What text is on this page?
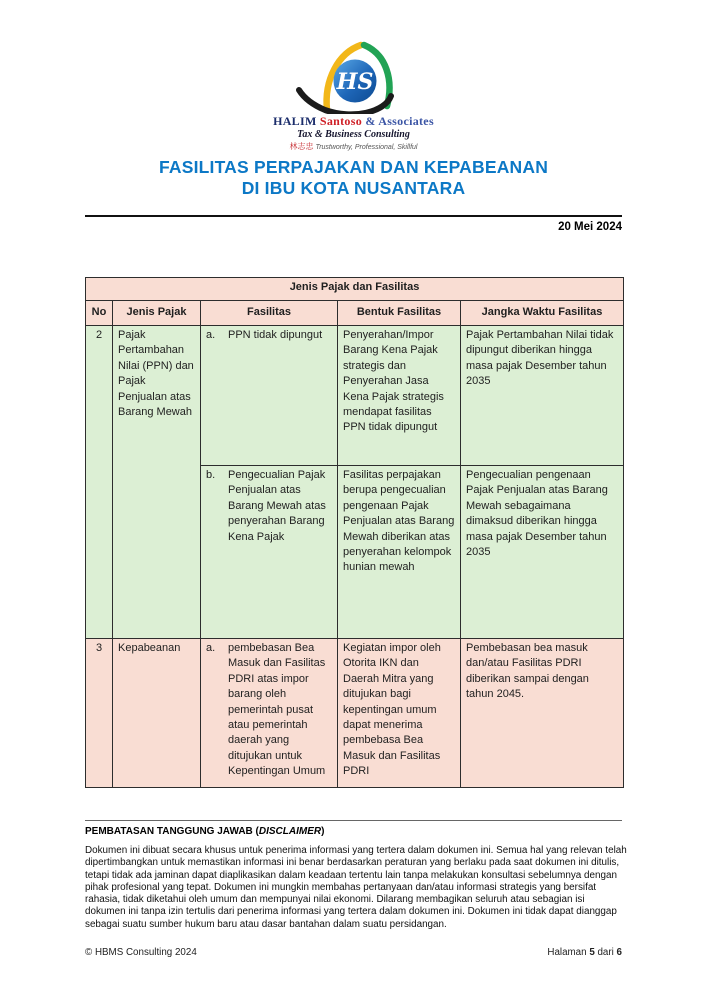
HS
HALIM Santoso & Associates
Tax & Business Consulting
林志忠 Trustworthy, Professional, Skillful
FASILITAS PERPAJAKAN DAN KEPABEANAN
DI IBU KOTA NUSANTARA
20 Mei 2024
Jenis Pajak dan Fasilitas				
No	Jenis Pajak	Fasilitas	Bentuk Fasilitas	Jangka Waktu Fasilitas
2	Pajak Pertambahan Nilai (PPN) dan Pajak Penjualan atas Barang Mewah	a. PPN tidak dipungut	Penyerahan/Impor Barang Kena Pajak strategis dan Penyerahan Jasa Kena Pajak strategis mendapat fasilitas PPN tidak dipungut	Pajak Pertambahan Nilai tidak dipungut diberikan hingga masa pajak Desember tahun 2035

		b. Pengecualian Pajak Penjualan atas Barang Mewah atas penyerahan Barang Kena Pajak	Fasilitas perpajakan berupa pengecualian pengenaan Pajak Penjualan atas Barang Mewah diberikan atas penyerahan kelompok hunian mewah	Pengecualian pengenaan Pajak Penjualan atas Barang Mewah sebagaimana dimaksud diberikan hingga masa pajak Desember tahun 2035
3	Kepabeanan	a. pembebasan Bea Masuk dan Fasilitas PDRI atas impor barang oleh pemerintah pusat atau pemerintah daerah yang ditujukan untuk Kepentingan Umum	Kegiatan impor oleh Otorita IKN dan Daerah Mitra yang ditujukan bagi kepentingan umum dapat menerima pembebasa Bea Masuk dan Fasilitas PDRI	Pembebasan bea masuk dan/atau Fasilitas PDRI diberikan sampai dengan tahun 2045.
PEMBATASAN TANGGUNG JAWAB (DISCLAIMER)
Dokumen ini dibuat secara khusus untuk penerima informasi yang tertera dalam dokumen ini. Semua hal yang relevan telah dipertimbangkan untuk memastikan informasi ini benar berdasarkan peraturan yang berlaku pada saat dokumen ini ditulis, tetapi tidak ada jaminan dapat diaplikasikan dalam keadaan tertentu lain tanpa melakukan konsultasi sebelumnya dengan pihak profesional yang tepat. Dokumen ini mungkin membahas pertanyaan dan/atau informasi strategis yang bersifat rahasia, tidak diketahui oleh umum dan mempunyai nilai ekonomi. Dilarang membagikan seluruh atau sebagian isi dokumen ini tanpa izin tertulis dari penerima informasi yang tertera dalam dokumen ini. Dokumen ini tidak dapat dianggap sebagai suatu sumber hukum baru atau dasar bantahan dalam suatu persidangan.
© HBMS Consulting 2024	Halaman 5 dari 6
